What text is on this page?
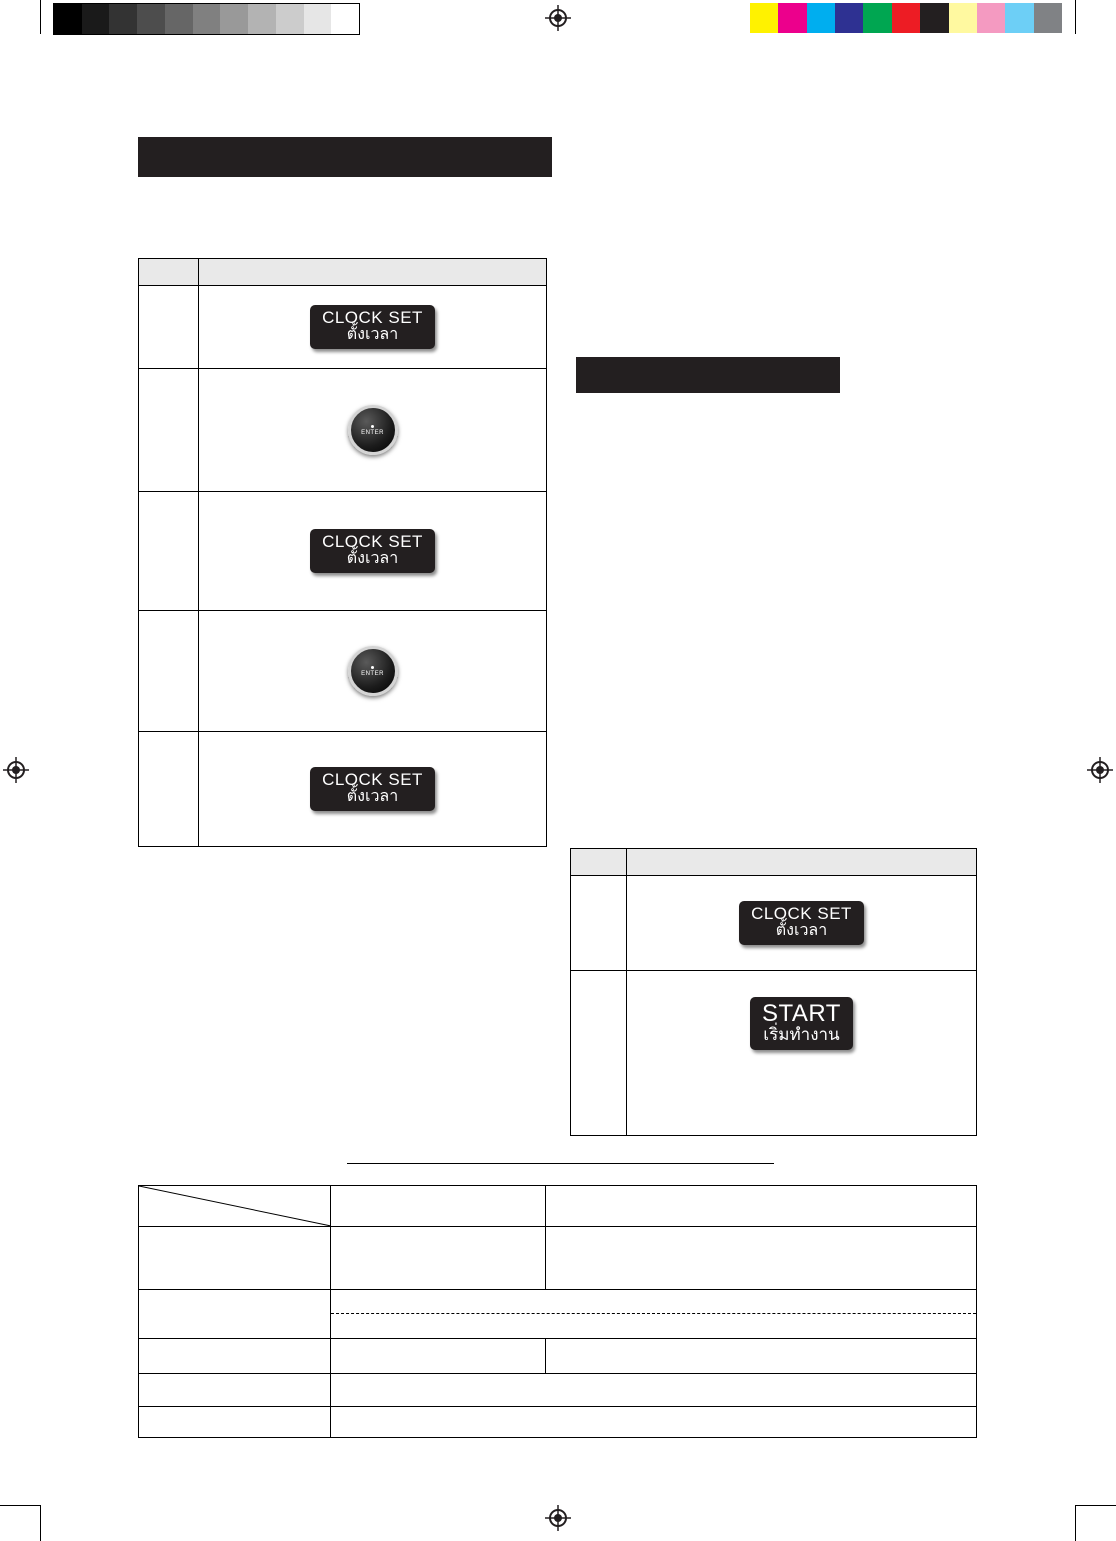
	CLOCK SET
ตั้งเวลา

	ENTER

	CLOCK SET
ตั้งเวลา

	ENTER

	CLOCK SET
ตั้งเวลา

	CLOCK SET
ตั้งเวลา

	START
เริ่มทำงาน
